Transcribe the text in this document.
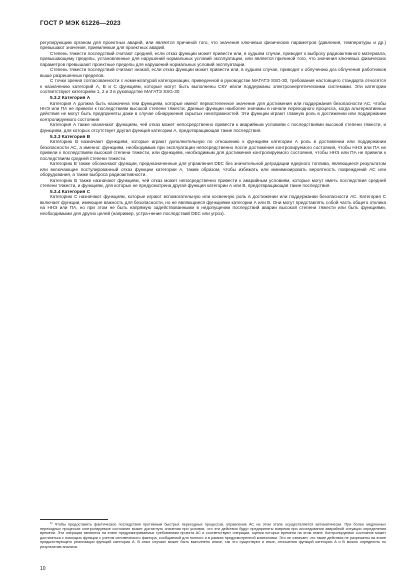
ГОСТ Р МЭК 61226—2023

регулирующим органом для проектных аварий, или является причиной того, что значения ключевых физических параметров (давления, температуры и др.) превышают значения, приемлемые для проектных аварий.

Степень тяжести последствий считают средней, если отказ функции может привести или, в худшем случае, приводит к выбросу радиоактивного материала, превышающему пределы, установленные для нарушений нормальных условий эксплуатации, или является причиной того, что значения ключевых физических параметров превышают проектные пределы для нарушений нормальных условий эксплуатации.

Степень тяжести последствий считают низкой, если отказ функции может привести или, в худшем случае, приводит к облучению доз облучения работников выше разрешенных пределов.

С точки зрения согласованности с номенклатурой категоризации, приведенной в руководстве МАГАТЭ SSG-30, требования настоящего стандарта относятся к назначению категорий А, В и С функциям, которые могут быть выполнены СКУ и/или поддержаны электроэнергетическими системами. Эти категории соответствуют категориям 1, 2 и 3 в руководстве МАГАТЭ SSG-30

5.3.2 Категория А

Категория А должна быть назначена тем функциям, которые имеют первостепенное значение для достижения или поддержания безопасности АС, чтобы ННЭ или ПА не привели к последствиям высокой степени тяжести. Данные функции наиболее значимы в начале переходного процесса, когда альтернативные действия не могут быть предприняты даже в случае обнаружения скрытых неисправностей. Эти функции играют главную роль в достижении или поддержании контролируемого состояния

Категория А также назначают функциям, чей отказ может непосредственно привести к аварийным условиям с последствиями высокой степени тяжести, и функциям, для которых отсутствует другая функция категории А, предотвращающая такие последствия.

5.3.3 Категория В

Категорию В назначают функциям, которые играют дополнительную по отношению к функциям категории А роль в достижении или поддержании безопасности АС, а именно: функциям, необходимым при эксплуатации непосредственно после достижения контролируемого состояния, чтобы ННЭ или ПА не привели к последствиям высокой степени тяжести, или функциям, необходимым для достижения контролируемого состояния, чтобы ННЭ или ПА не привели к последствиям средней степени тяжести.

Категорию В также обозначают функции, предназначенные для управления DEC без значительной деградации ядерного топлива, являющиеся результатом или включающие постулированный отказ функции категории А, таким образом, чтобы избежать или минимизировать вероятность повреждений АС или оборудования, а также выброса радиоактивности.

Категорию В также назначают функциям, чей отказ может непосредственно привести к аварийным условиям, которые могут иметь последствия средней степени тяжести, и функциям, для которых не предусмотрена другая функция категории А или В, предотвращающая такие последствия.

5.3.4 Категория С

Категорию С назначают функциям, которые играют вспомогательную или косвенную роль в достижении или поддержании безопасности АС. Категория С включает функции, имеющие важность для безопасности, но не являющиеся функциями категории А или В. Они могут представлять собой часть общего отклика на ННЭ или ПА, но при этом не быть напрямую задействованными в недопущении последствий аварии высокой степени тяжести или быть функциями, необходимыми для других целей (например, устра-нение последствий DEC или угроз).

$^{1)}$ Чтобы предоставить фактическое последствия противным быстрых переходных процессов, управление АС на этом этапе осуществляется автоматически. При более медленных переходных процессах контролируемое состояние может достигнуть значения при условии, что эти действия будут предприняты вовремя при исследовании аварийной ситуации определения времени. Эти операции являются на этапе предусматриваемых требованиям проекта АС и соответствуют операции, оценки которых времени на этом этапе. Контролируемое состояние может достигаться с помощью функции с учетом человеческого фактора, сообщаемой для полного и в рамках предусмотренной компоновки. Это не означает, что такие действия не разрешены на этапе предшествующего реализации функций категории А. В иных случаях может быть выполнено иначе, так что существуют и иные, отношения функций категории А и В можно определить по результатам анализа.
10
